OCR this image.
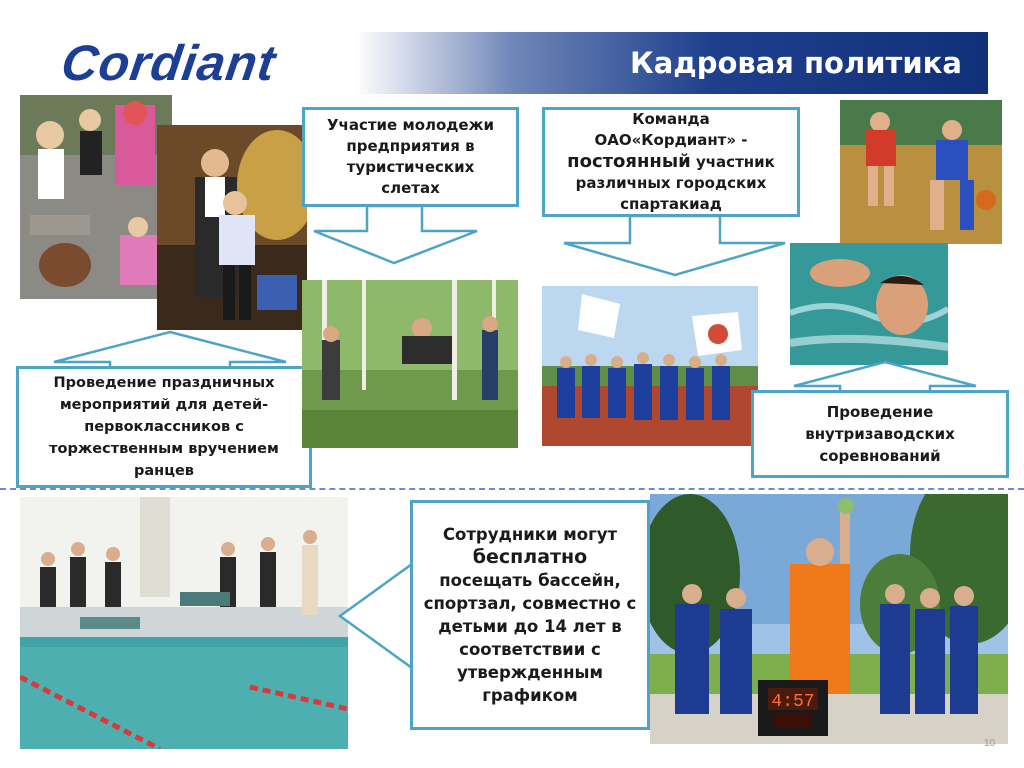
Cordiant	Кадровая политика

Участие молодежи предприятия в туристических слетах

Команда ОАО«Кордиант» -

постоянный участник различных городских спартакиад

Проведение праздничных мероприятий для детей-первоклассников с торжественным вручением ранцев

Проведение внутризаводских соревнований

Сотрудники могут

бесплатно

посещать бассейн, спортзал, совместно с детьми до 14 лет в соответствии с утвержденным графиком	4:57
10
